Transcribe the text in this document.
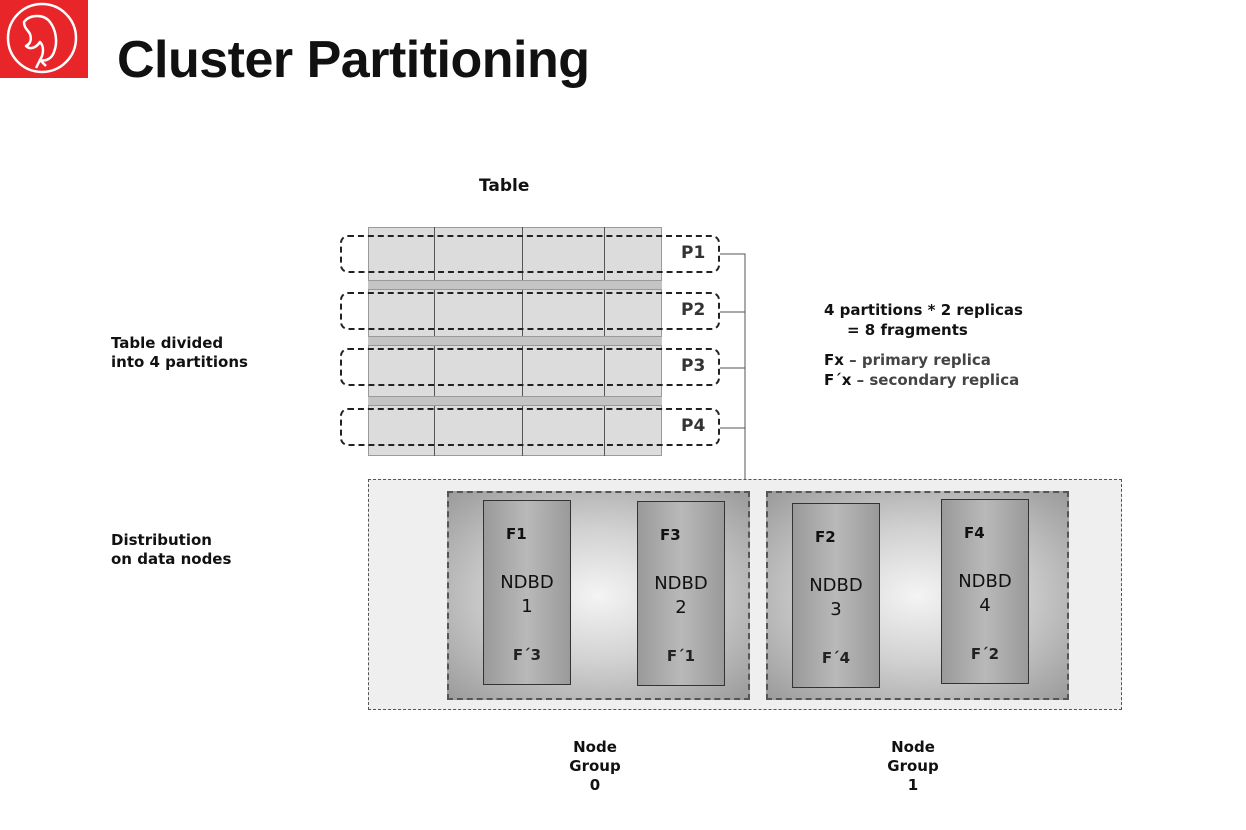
Cluster Partitioning
Table
Table divided
into 4 partitions
P1
P2
P3
P4
4 partitions * 2 replicas
= 8 fragments
Fx – primary replica
F´x – secondary replica
Distribution
on data nodes
F1
NDBD
1
F´3
F3
NDBD
2
F´1
F2
NDBD
3
F´4
F4
NDBD
4
F´2
Node
Group
0
Node
Group
1
